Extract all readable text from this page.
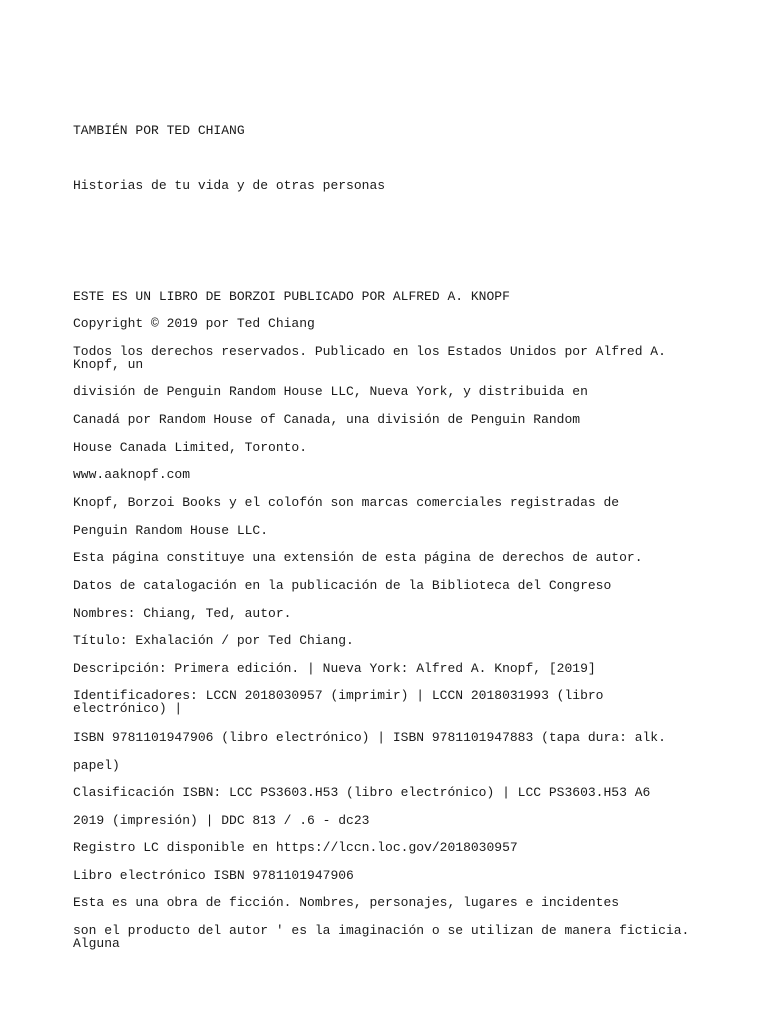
TAMBIÉN POR TED CHIANG
Historias de tu vida y de otras personas
ESTE ES UN LIBRO DE BORZOI PUBLICADO POR ALFRED A. KNOPF
Copyright © 2019 por Ted Chiang
Todos los derechos reservados. Publicado en los Estados Unidos por Alfred A. Knopf, un
división de Penguin Random House LLC, Nueva York, y distribuida en
Canadá por Random House of Canada, una división de Penguin Random
House Canada Limited, Toronto.
www.aaknopf.com
Knopf, Borzoi Books y el colofón son marcas comerciales registradas de
Penguin Random House LLC.
Esta página constituye una extensión de esta página de derechos de autor.
Datos de catalogación en la publicación de la Biblioteca del Congreso
Nombres: Chiang, Ted, autor.
Título: Exhalación / por Ted Chiang.
Descripción: Primera edición. | Nueva York: Alfred A. Knopf, [2019]
Identificadores: LCCN 2018030957 (imprimir) | LCCN 2018031993 (libro electrónico) |
ISBN 9781101947906 (libro electrónico) | ISBN 9781101947883 (tapa dura: alk.
papel)
Clasificación ISBN: LCC PS3603.H53 (libro electrónico) | LCC PS3603.H53 A6
2019 (impresión) | DDC 813 / .6 - dc23
Registro LC disponible en https://lccn.loc.gov/2018030957
Libro electrónico ISBN 9781101947906
Esta es una obra de ficción. Nombres, personajes, lugares e incidentes
son el producto del autor ' es la imaginación o se utilizan de manera ficticia. Alguna
